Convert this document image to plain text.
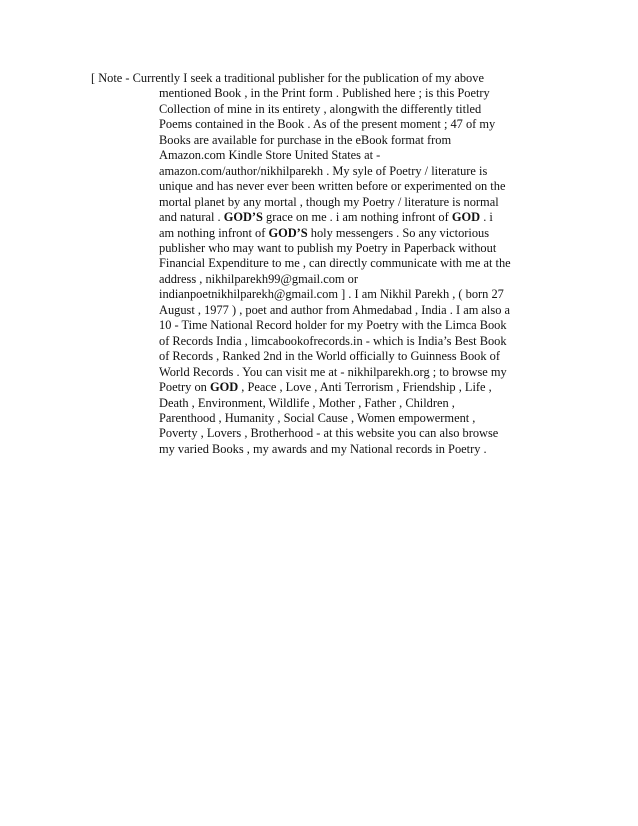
[ Note - Currently I seek a traditional publisher for the publication of my above
mentioned Book , in the Print form . Published here ; is this Poetry
Collection of mine in its entirety , alongwith the differently titled
Poems contained in the Book . As of the present moment ; 47 of my
Books are available for purchase in the eBook format from
Amazon.com Kindle Store United States at -
amazon.com/author/nikhilparekh . My syle of Poetry / literature is
unique and has never ever been written before or experimented on the
mortal planet by any mortal , though my Poetry / literature is normal
and natural . GOD’S grace on me . i am nothing infront of GOD . i
am nothing infront of GOD’S holy messengers . So any victorious
publisher who may want to publish my Poetry in Paperback without
Financial Expenditure to me , can directly communicate with me at the
address , nikhilparekh99@gmail.com or
indianpoetnikhilparekh@gmail.com ] . I am Nikhil Parekh , ( born 27
August , 1977 ) , poet and author from Ahmedabad , India . I am also a
10 - Time National Record holder for my Poetry with the Limca Book
of Records India , limcabookofrecords.in - which is India’s Best Book
of Records , Ranked 2nd in the World officially to Guinness Book of
World Records . You can visit me at - nikhilparekh.org ; to browse my
Poetry on GOD , Peace , Love , Anti Terrorism , Friendship , Life ,
Death , Environment, Wildlife , Mother , Father , Children ,
Parenthood , Humanity , Social Cause , Women empowerment ,
Poverty , Lovers , Brotherhood - at this website you can also browse
my varied Books , my awards and my National records in Poetry .
